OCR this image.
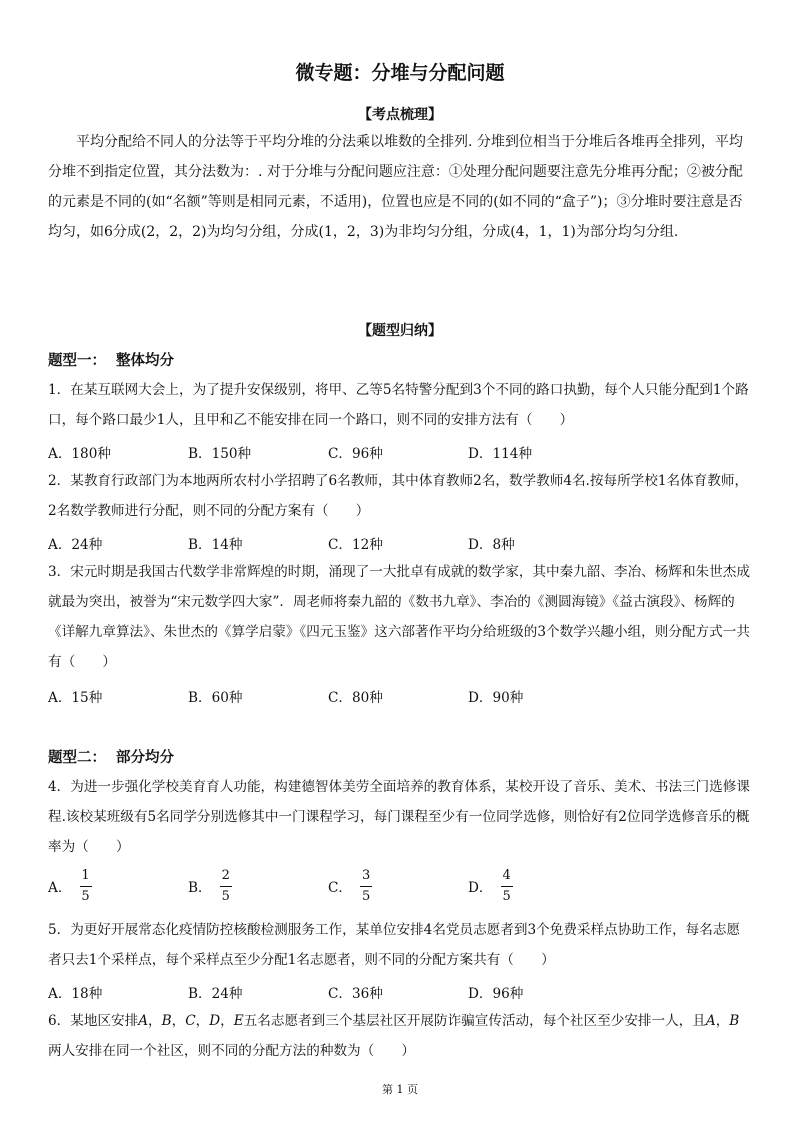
微专题：分堆与分配问题
【考点梳理】

平均分配给不同人的分法等于平均分堆的分法乘以堆数的全排列. 分堆到位相当于分堆后各堆再全排列，平均分堆不到指定位置，其分法数为：. 对于分堆与分配问题应注意：①处理分配问题要注意先分堆再分配；②被分配的元素是不同的(如“名额”等则是相同元素，不适用)，位置也应是不同的(如不同的“盒子”)；③分堆时要注意是否均匀，如6分成(2，2，2)为均匀分组，分成(1，2，3)为非均匀分组，分成(4，1，1)为部分均匀分组.

【题型归纳】
题型一： 整体均分

1．在某互联网大会上，为了提升安保级别，将甲、乙等5名特警分配到3个不同的路口执勤，每个人只能分配到1个路口，每个路口最少1人，且甲和乙不能安排在同一个路口，则不同的安排方法有（　　）

A．180种	B．150种	C．96种	D．114种

2．某教育行政部门为本地两所农村小学招聘了6名教师，其中体育教师2名，数学教师4名.按每所学校1名体育教师，2名数学教师进行分配，则不同的分配方案有（　　）

A．24种	B．14种	C．12种	D．8种

3．宋元时期是我国古代数学非常辉煌的时期，涌现了一大批卓有成就的数学家，其中秦九韶、李冶、杨辉和朱世杰成就最为突出，被誉为“宋元数学四大家”．周老师将秦九韶的《数书九章》、李冶的《测圆海镜》《益古演段》、杨辉的《详解九章算法》、朱世杰的《算学启蒙》《四元玉鉴》这六部著作平均分给班级的3个数学兴趣小组，则分配方式一共有（　　）

A．15种	B．60种	C．80种	D．90种
题型二： 部分均分

4．为进一步强化学校美育育人功能，构建德智体美劳全面培养的教育体系，某校开设了音乐、美术、书法三门选修课程.该校某班级有5名同学分别选修其中一门课程学习，每门课程至少有一位同学选修，则恰好有2位同学选修音乐的概率为（　　）

A． $\frac{1}{5}$	B． $\frac{2}{5}$	C． $\frac{3}{5}$	D． $\frac{4}{5}$

5．为更好开展常态化疫情防控核酸检测服务工作，某单位安排4名党员志愿者到3个免费采样点协助工作，每名志愿者只去1个采样点，每个采样点至少分配1名志愿者，则不同的分配方案共有（　　）

A．18种	B．24种	C．36种	D．96种

6．某地区安排A，B，C，D，E五名志愿者到三个基层社区开展防诈骗宣传活动，每个社区至少安排一人，且A，B两人安排在同一个社区，则不同的分配方法的种数为（　　）

第 1 页
